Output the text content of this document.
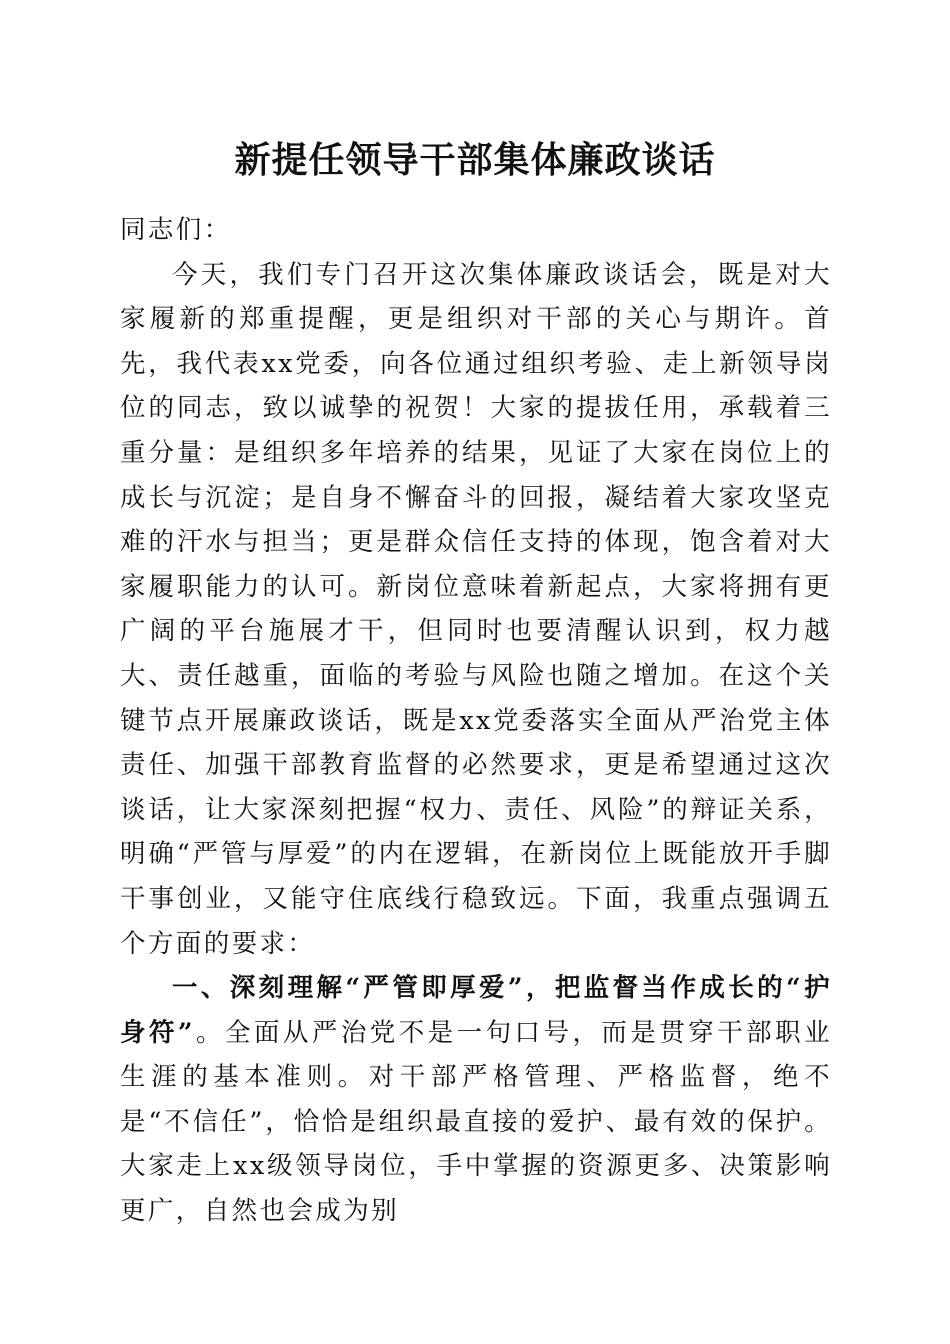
新提任领导干部集体廉政谈话

同志们：

今天，我们专门召开这次集体廉政谈话会，既是对大家履新的郑重提醒，更是组织对干部的关心与期许。首先，我代表xx党委，向各位通过组织考验、走上新领导岗位的同志，致以诚挚的祝贺！大家的提拔任用，承载着三重分量：是组织多年培养的结果，见证了大家在岗位上的成长与沉淀；是自身不懈奋斗的回报，凝结着大家攻坚克难的汗水与担当；更是群众信任支持的体现，饱含着对大家履职能力的认可。新岗位意味着新起点，大家将拥有更广阔的平台施展才干，但同时也要清醒认识到，权力越大、责任越重，面临的考验与风险也随之增加。在这个关键节点开展廉政谈话，既是xx党委落实全面从严治党主体责任、加强干部教育监督的必然要求，更是希望通过这次谈话，让大家深刻把握“权力、责任、风险”的辩证关系，明确“严管与厚爱”的内在逻辑，在新岗位上既能放开手脚干事创业，又能守住底线行稳致远。下面，我重点强调五个方面的要求：

一、深刻理解“严管即厚爱”，把监督当作成长的“护身符”。全面从严治党不是一句口号，而是贯穿干部职业生涯的基本准则。对干部严格管理、严格监督，绝不是“不信任”，恰恰是组织最直接的爱护、最有效的保护。大家走上xx级领导岗位，手中掌握的资源更多、决策影响更广，自然也会成为别
